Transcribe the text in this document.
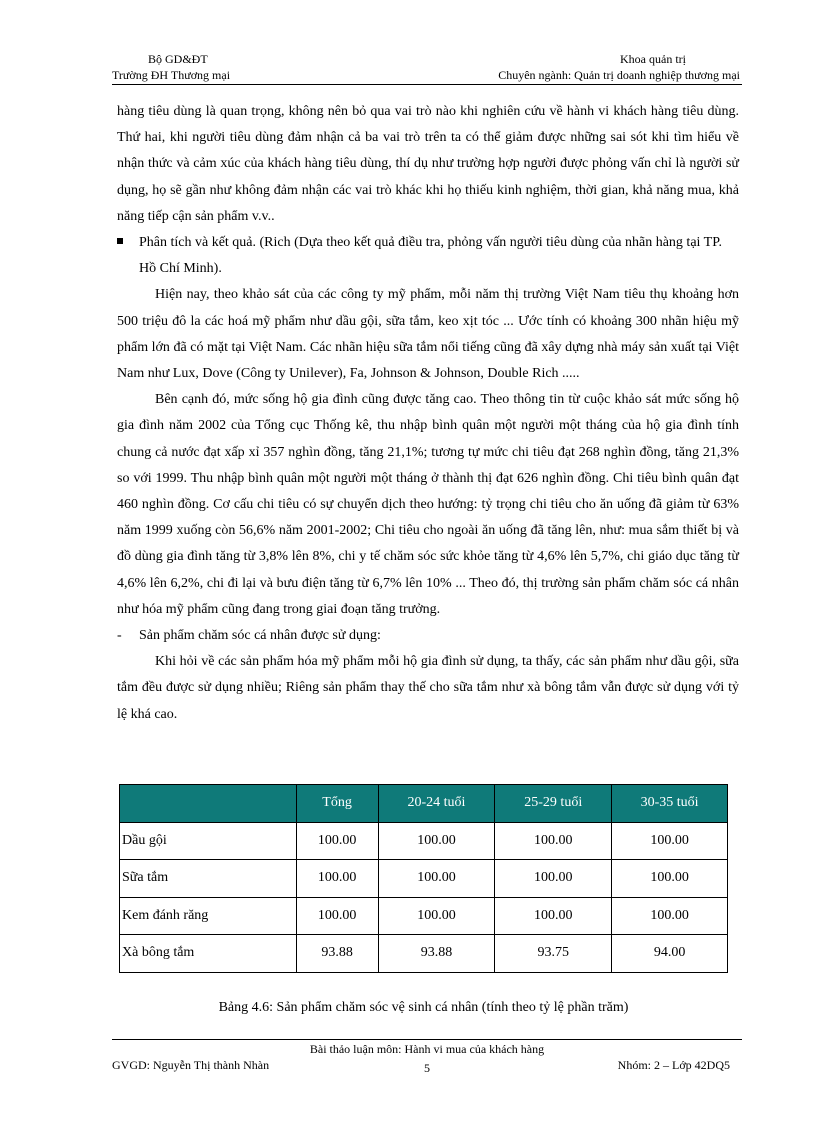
Bộ GD&ĐT
Trường ĐH Thương mại
Khoa quản trị
Chuyên ngành: Quản trị doanh nghiệp thương mại

hàng tiêu dùng là quan trọng, không nên bỏ qua vai trò nào khi nghiên cứu về hành vi khách hàng tiêu dùng. Thứ hai, khi người tiêu dùng đảm nhận cả ba vai trò trên ta có thể giảm được những sai sót khi tìm hiểu về nhận thức và cảm xúc của khách hàng tiêu dùng, thí dụ như trường hợp người được phỏng vấn chỉ là người sử dụng, họ sẽ gần như không đảm nhận các vai trò khác khi họ thiếu kinh nghiệm, thời gian, khả năng mua, khả năng tiếp cận sản phẩm v.v..

Phân tích và kết quả. (Rich (Dựa theo kết quả điều tra, phỏng vấn người tiêu dùng của nhãn hàng tại TP. Hồ Chí Minh).

Hiện nay, theo khảo sát của các công ty mỹ phẩm, mỗi năm thị trường Việt Nam tiêu thụ khoảng hơn 500 triệu đô la các hoá mỹ phẩm như dầu gội, sữa tắm, keo xịt tóc ... Ước tính có khoảng 300 nhãn hiệu mỹ phẩm lớn đã có mặt tại Việt Nam. Các nhãn hiệu sữa tắm nổi tiếng cũng đã xây dựng nhà máy sản xuất tại Việt Nam như Lux, Dove (Công ty Unilever), Fa, Johnson & Johnson, Double Rich .....

Bên cạnh đó, mức sống hộ gia đình cũng được tăng cao. Theo thông tin từ cuộc khảo sát mức sống hộ gia đình năm 2002 của Tổng cục Thống kê, thu nhập bình quân một người một tháng của hộ gia đình tính chung cả nước đạt xấp xỉ 357 nghìn đồng, tăng 21,1%; tương tự mức chi tiêu đạt 268 nghìn đồng, tăng 21,3% so với 1999. Thu nhập bình quân một người một tháng ở thành thị đạt 626 nghìn đồng. Chi tiêu bình quân đạt 460 nghìn đồng. Cơ cấu chi tiêu có sự chuyển dịch theo hướng: tỷ trọng chi tiêu cho ăn uống đã giảm từ 63% năm 1999 xuống còn 56,6% năm 2001-2002; Chi tiêu cho ngoài ăn uống đã tăng lên, như: mua sắm thiết bị và đồ dùng gia đình tăng từ 3,8% lên 8%, chi y tế chăm sóc sức khỏe tăng từ 4,6% lên 5,7%, chi giáo dục tăng từ 4,6% lên 6,2%, chi đi lại và bưu điện tăng từ 6,7% lên 10% ... Theo đó, thị trường sản phẩm chăm sóc cá nhân như hóa mỹ phẩm cũng đang trong giai đoạn tăng trưởng.

-	Sản phẩm chăm sóc cá nhân được sử dụng:

Khi hỏi về các sản phẩm hóa mỹ phẩm mỗi hộ gia đình sử dụng, ta thấy, các sản phẩm như dầu gội, sữa tắm đều được sử dụng nhiều; Riêng sản phẩm thay thế cho sữa tắm như xà bông tắm vẫn được sử dụng với tỷ lệ khá cao.

	Tổng	20-24 tuổi	25-29 tuổi	30-35 tuổi
Dầu gội	100.00	100.00	100.00	100.00
Sữa tắm	100.00	100.00	100.00	100.00
Kem đánh răng	100.00	100.00	100.00	100.00
Xà bông tắm	93.88	93.88	93.75	94.00
Bảng 4.6: Sản phẩm chăm sóc vệ sinh cá nhân (tính theo tỷ lệ phần trăm)
Bài thảo luận môn: Hành vi mua của khách hàng
GVGD: Nguyễn Thị thành Nhàn	5	Nhóm: 2 – Lớp 42DQ5
